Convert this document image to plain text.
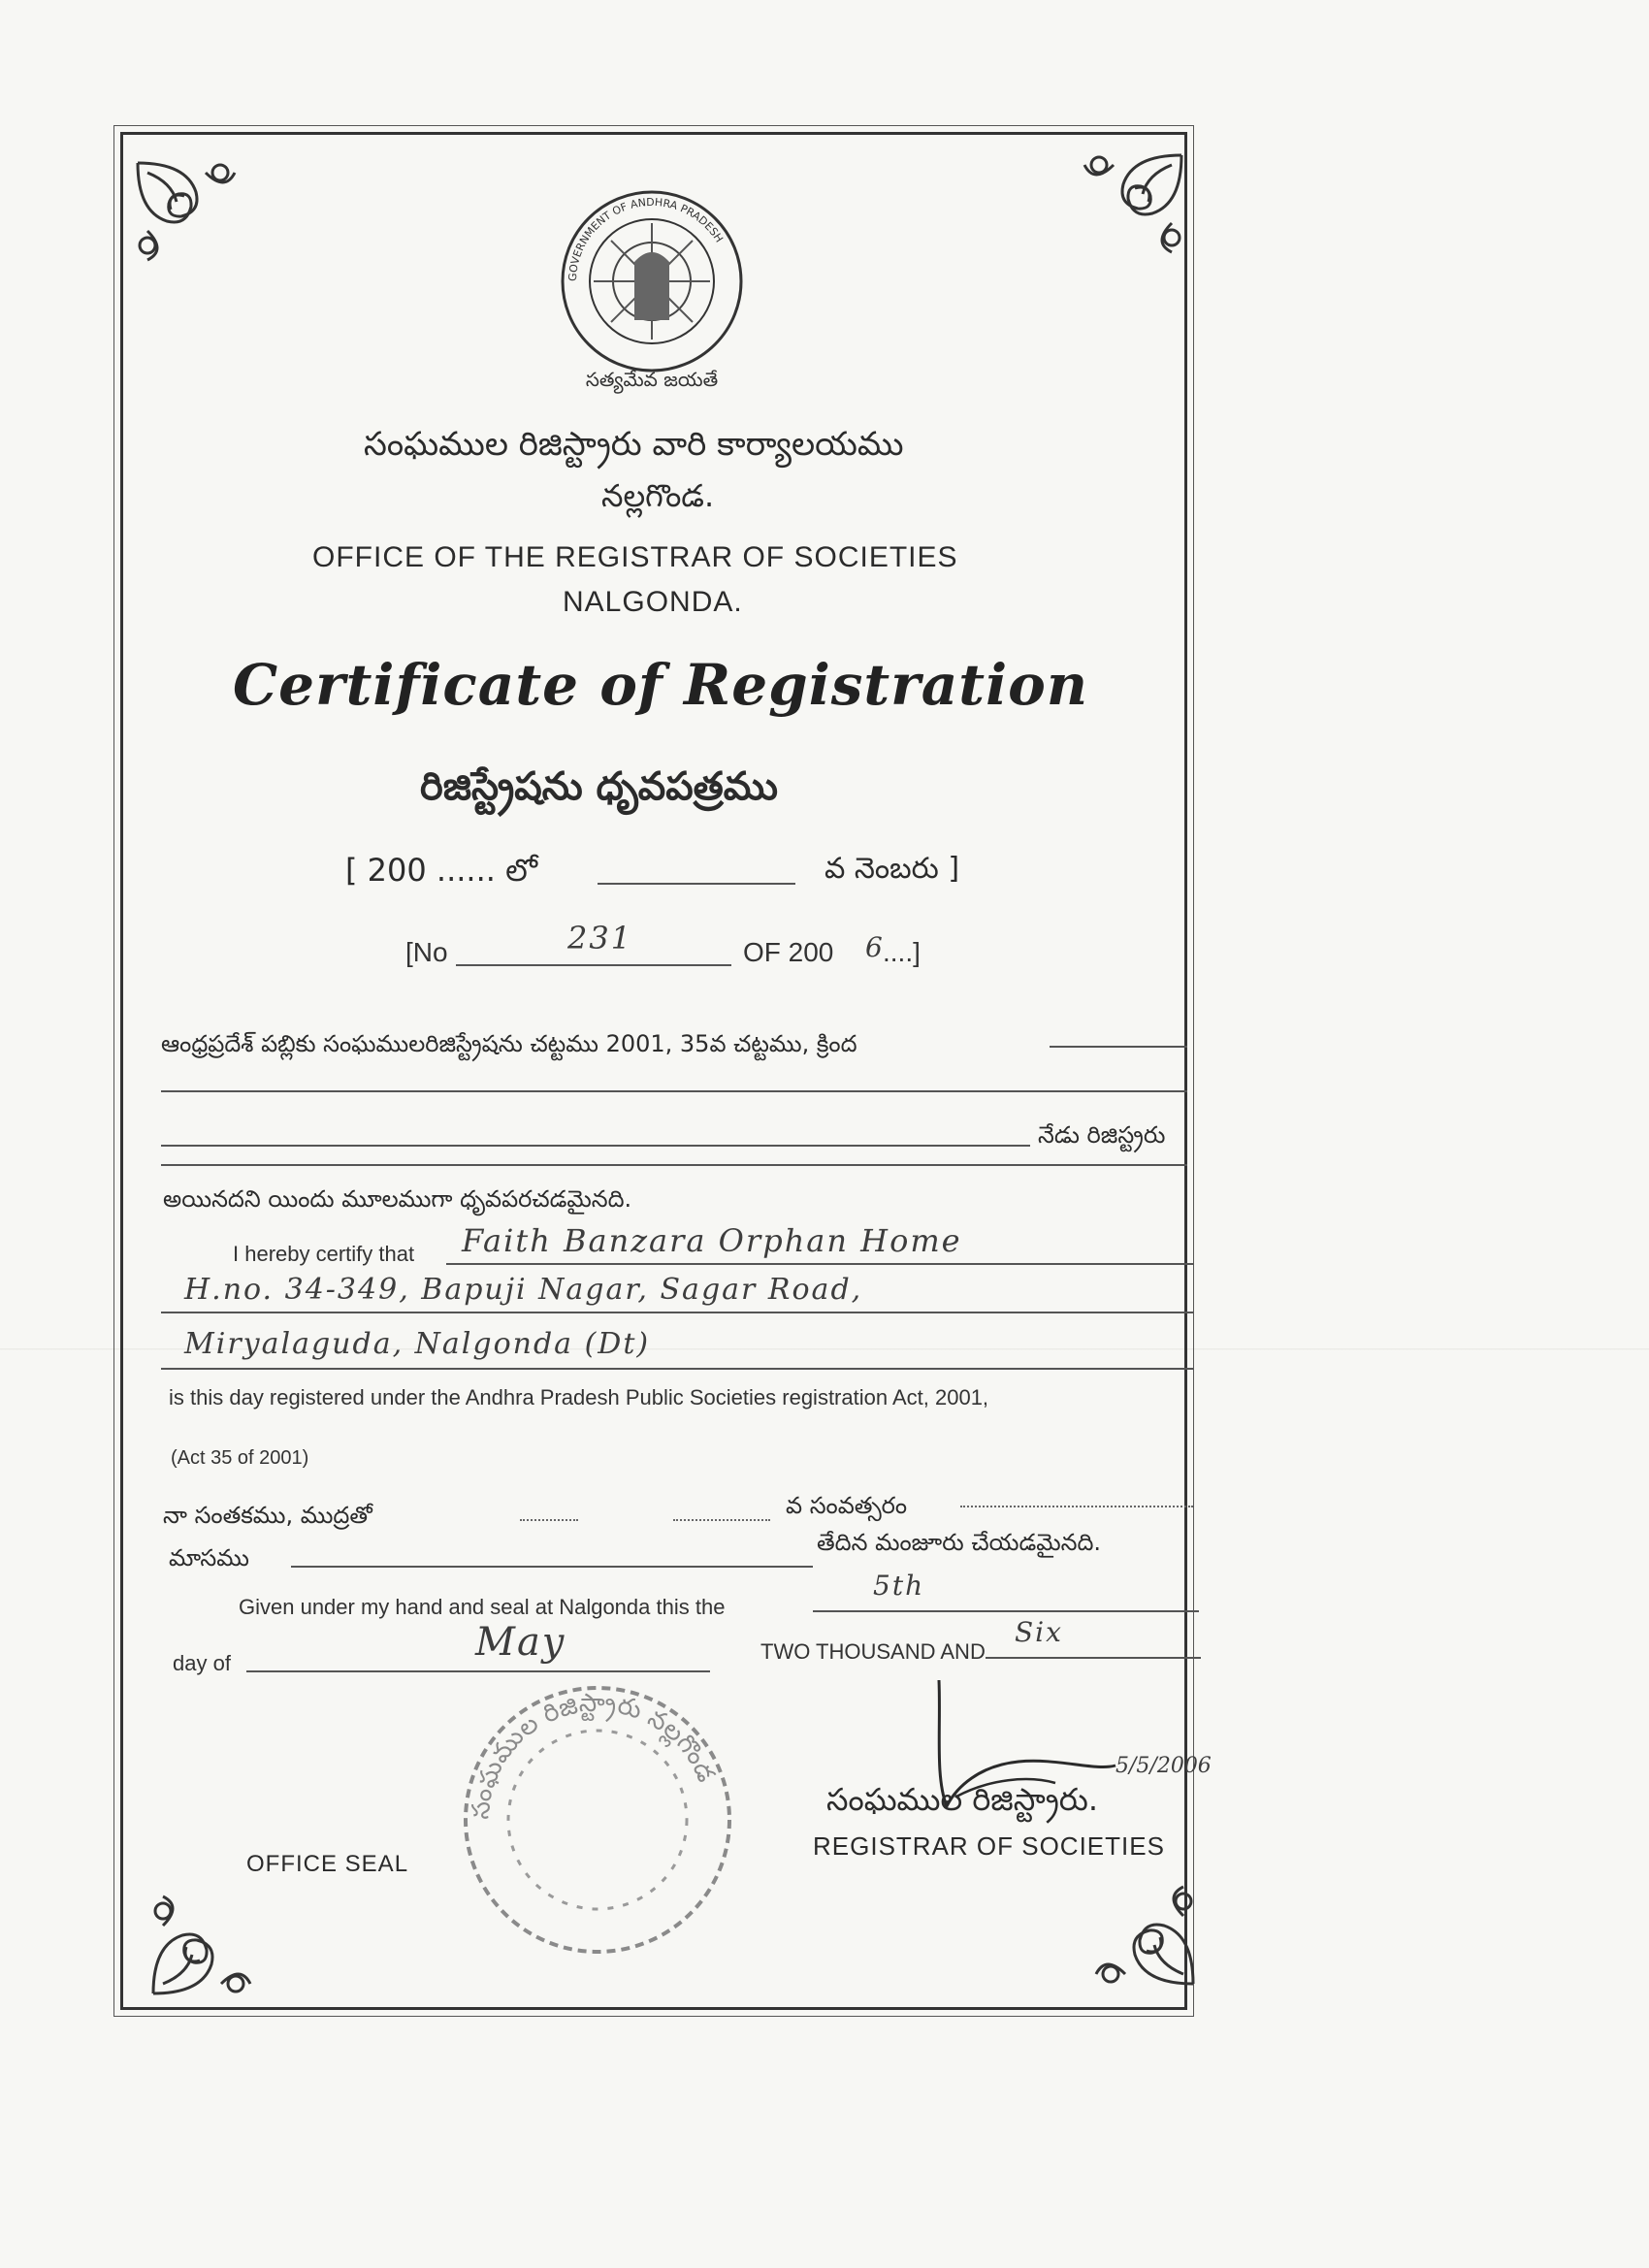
GOVERNMENT OF ANDHRA PRADESH
సత్యమేవ జయతే
సంఘముల రిజిస్ట్రారు వారి కార్యాలయము
నల్లగొండ.
OFFICE OF THE REGISTRAR OF SOCIETIES
NALGONDA.
Certificate of Registration
రిజిస్ట్రేషను ధృవపత్రము
[ 200 ...... లో	వ నెంబరు ]
[No	231	OF 200 6
....]
ఆంధ్రప్రదేశ్ పబ్లికు సంఘములరిజిస్ట్రేషను చట్టము 2001, 35వ చట్టము, క్రింద
నేడు రిజిస్ట్రరు
అయినదని యిందు మూలముగా ధృవపరచడమైనది.
I hereby certify that Faith Banzara Orphan Home
H.no. 34-349, Bapuji Nagar, Sagar Road,
Miryalaguda, Nalgonda (Dt)
is this day registered under the Andhra Pradesh Public Societies registration Act, 2001,
(Act 35 of 2001)
నా సంతకము, ముద్రతో	వ సంవత్సరం
మాసము
తేదిన మంజూరు చేయడమైనది.
Given under my hand and seal at Nalgonda this the
5th
day of	May	TWO THOUSAND AND
Six
సంఘముల రిజిస్ట్రారు నల్లగొండ
OFFICE SEAL
5/5/2006
సంఘముల రిజిస్ట్రారు.
REGISTRAR OF SOCIETIES
